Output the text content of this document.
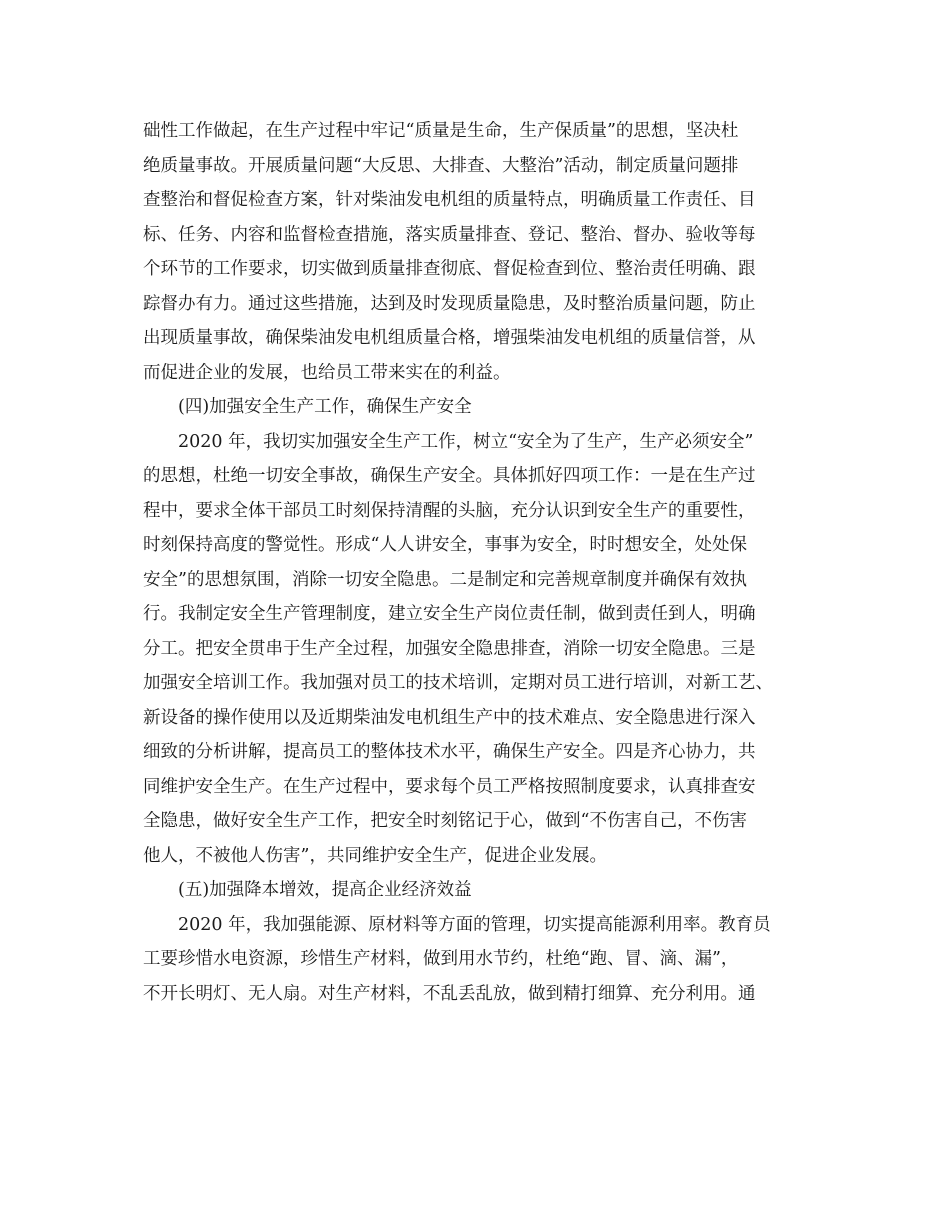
础性工作做起，在生产过程中牢记“质量是生命，生产保质量”的思想，坚决杜

绝质量事故。开展质量问题“大反思、大排查、大整治”活动，制定质量问题排

查整治和督促检查方案，针对柴油发电机组的质量特点，明确质量工作责任、目

标、任务、内容和监督检查措施，落实质量排查、登记、整治、督办、验收等每

个环节的工作要求，切实做到质量排查彻底、督促检查到位、整治责任明确、跟

踪督办有力。通过这些措施，达到及时发现质量隐患，及时整治质量问题，防止

出现质量事故，确保柴油发电机组质量合格，增强柴油发电机组的质量信誉，从

而促进企业的发展，也给员工带来实在的利益。

(四)加强安全生产工作，确保生产安全

2020 年，我切实加强安全生产工作，树立“安全为了生产，生产必须安全”

的思想，杜绝一切安全事故，确保生产安全。具体抓好四项工作：一是在生产过

程中，要求全体干部员工时刻保持清醒的头脑，充分认识到安全生产的重要性，

时刻保持高度的警觉性。形成“人人讲安全，事事为安全，时时想安全，处处保

安全”的思想氛围，消除一切安全隐患。二是制定和完善规章制度并确保有效执

行。我制定安全生产管理制度，建立安全生产岗位责任制，做到责任到人，明确

分工。把安全贯串于生产全过程，加强安全隐患排查，消除一切安全隐患。三是

加强安全培训工作。我加强对员工的技术培训，定期对员工进行培训，对新工艺、

新设备的操作使用以及近期柴油发电机组生产中的技术难点、安全隐患进行深入

细致的分析讲解，提高员工的整体技术水平，确保生产安全。四是齐心协力，共

同维护安全生产。在生产过程中，要求每个员工严格按照制度要求，认真排查安

全隐患，做好安全生产工作，把安全时刻铭记于心，做到“不伤害自己，不伤害

他人，不被他人伤害”，共同维护安全生产，促进企业发展。

(五)加强降本增效，提高企业经济效益

2020 年，我加强能源、原材料等方面的管理，切实提高能源利用率。教育员

工要珍惜水电资源，珍惜生产材料，做到用水节约，杜绝“跑、冒、滴、漏”，

不开长明灯、无人扇。对生产材料，不乱丢乱放，做到精打细算、充分利用。通
